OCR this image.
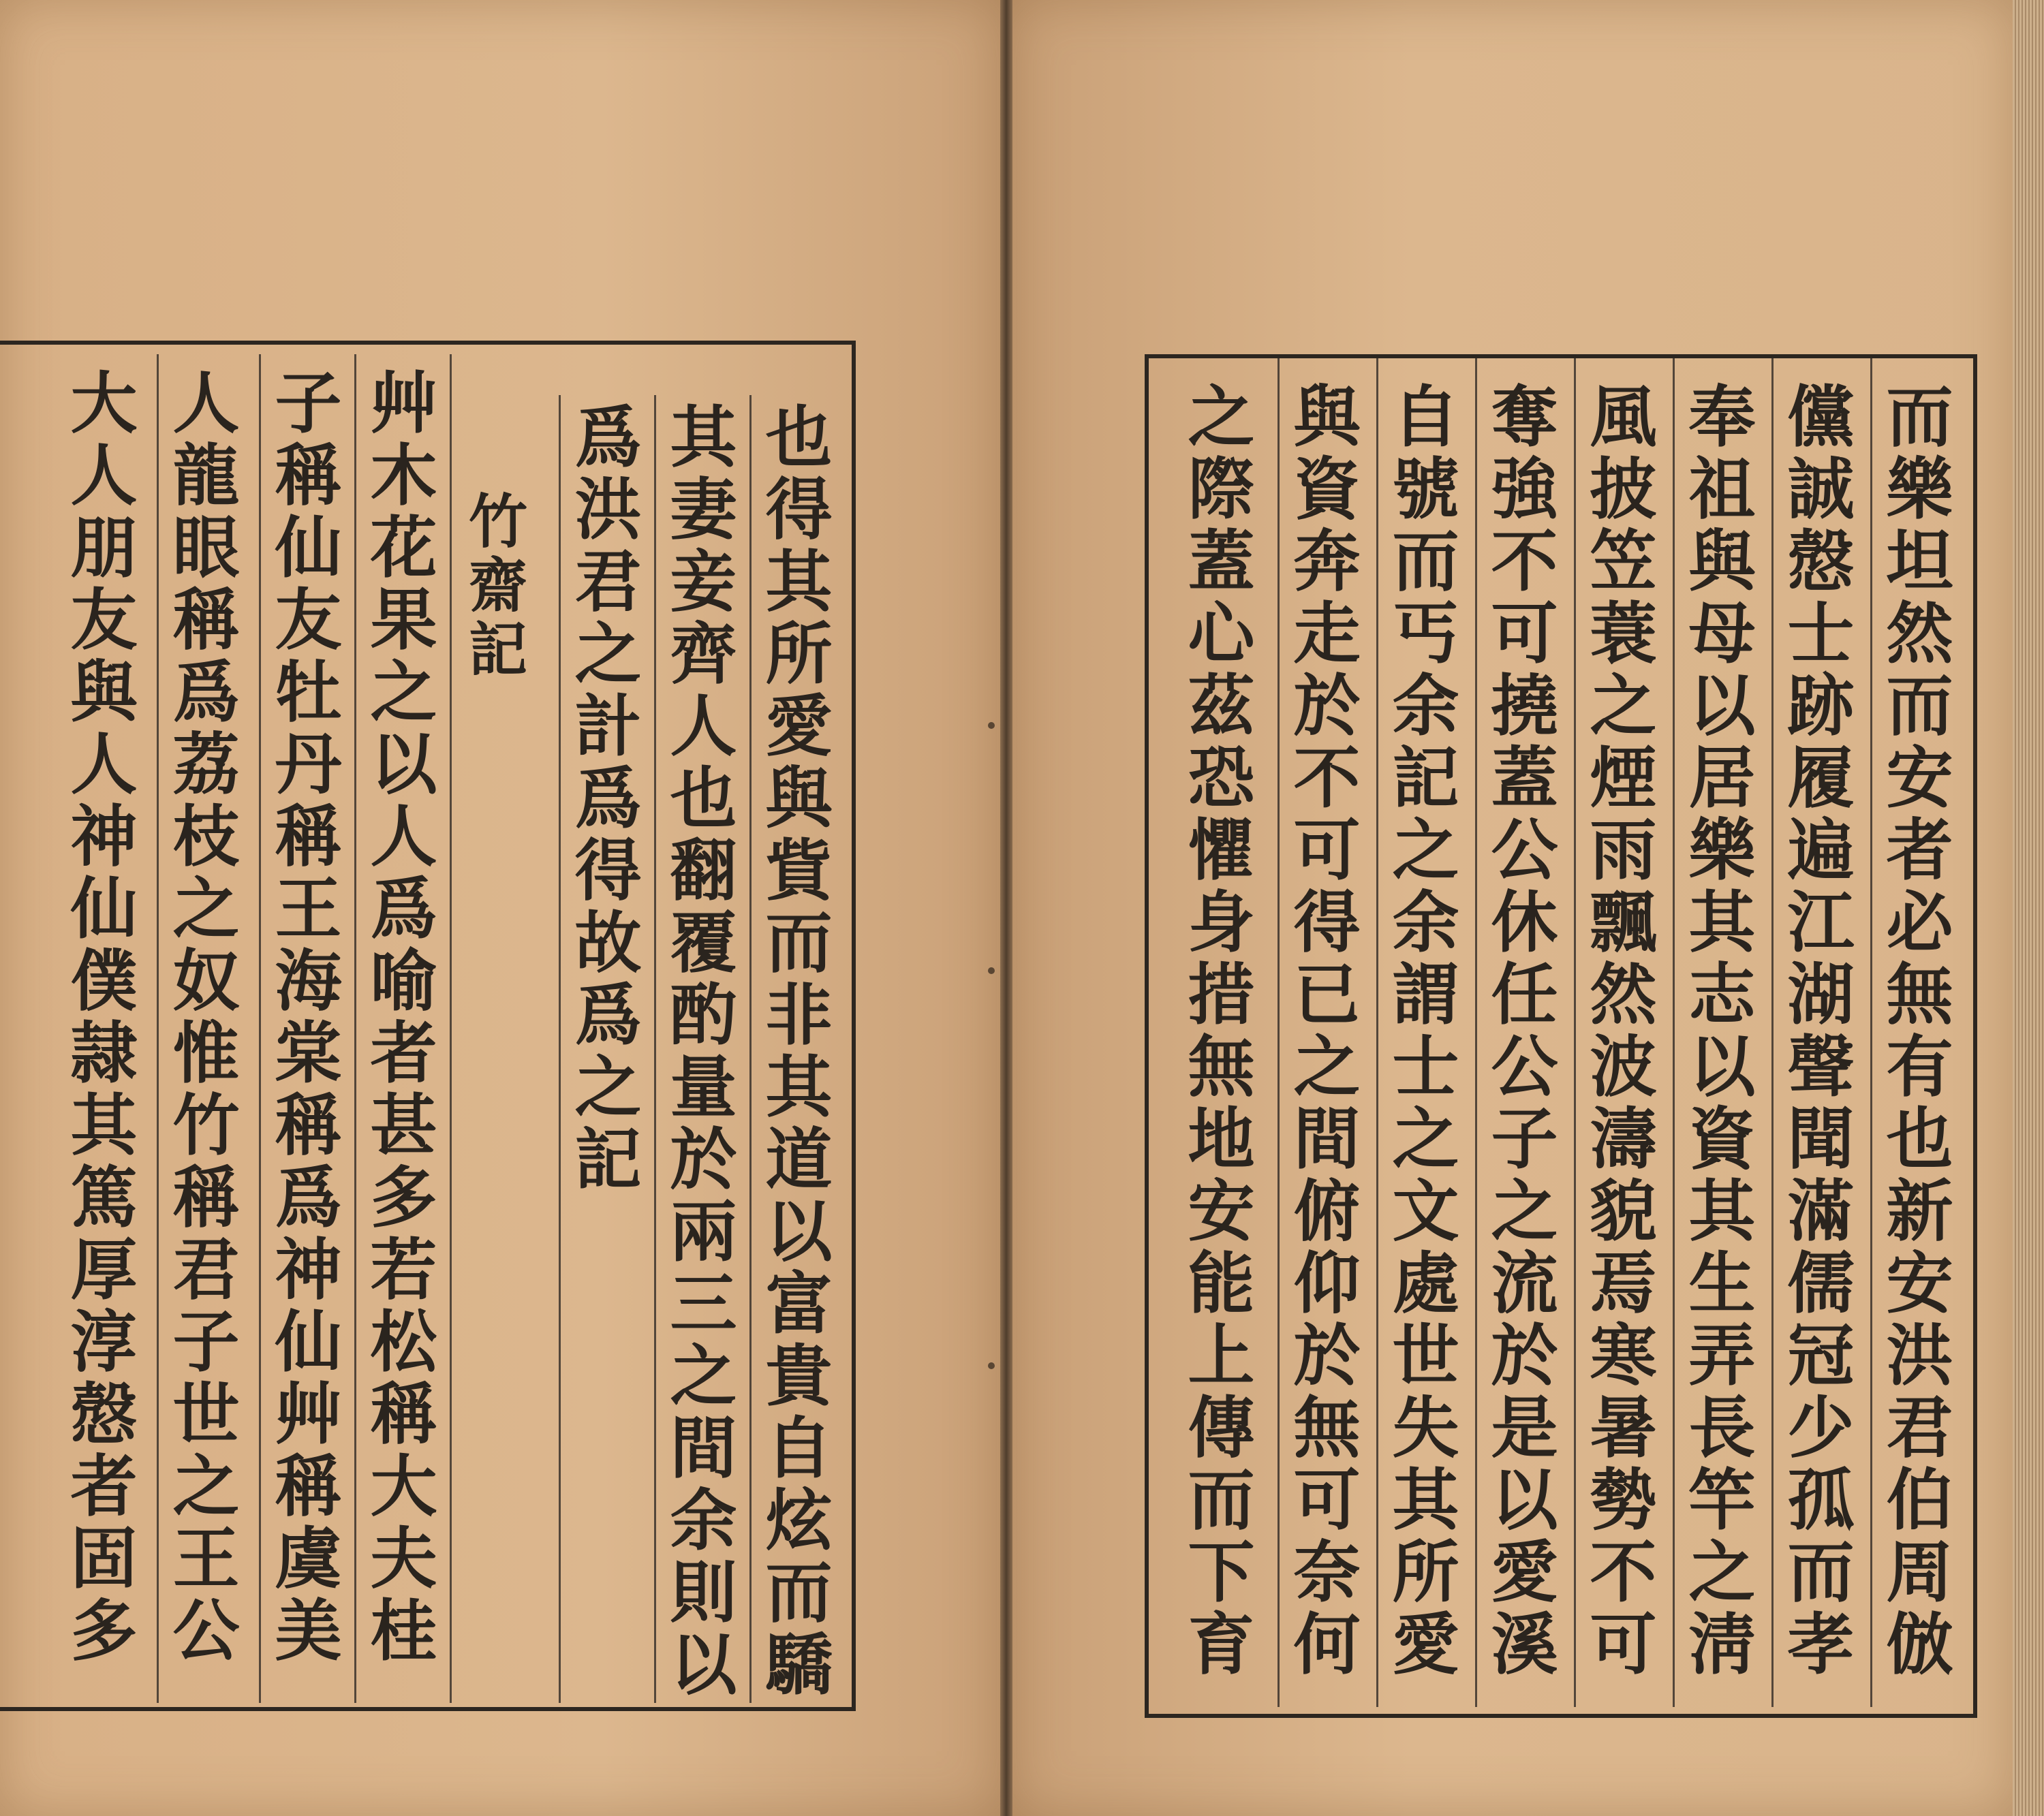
也得其所愛與貲而非其道以富貴自炫而驕
其妻妾齊人也翻覆酌量於兩三之間余則以
爲洪君之計爲得故爲之記
竹齋記
艸木花果之以人爲喻者甚多若松稱大夫桂
子稱仙友牡丹稱王海棠稱爲神仙艸稱虞美
人龍眼稱爲荔枝之奴惟竹稱君子世之王公
大人朋友與人神仙僕隷其篤厚淳慤者固多	而樂坦然而安者必無有也新安洪君伯周倣
儻誠慤士跡履遍江湖聲聞滿儒冠少孤而孝
奉祖與母以居樂其志以資其生弄長竿之淸
風披笠蓑之煙雨飄然波濤貌焉寒暑勢不可
奪強不可撓蓋公休任公子之流於是以愛溪
自號而丐余記之余謂士之文處世失其所愛
與資奔走於不可得已之間俯仰於無可奈何
之際蓋心茲恐懼身措無地安能上傳而下育
